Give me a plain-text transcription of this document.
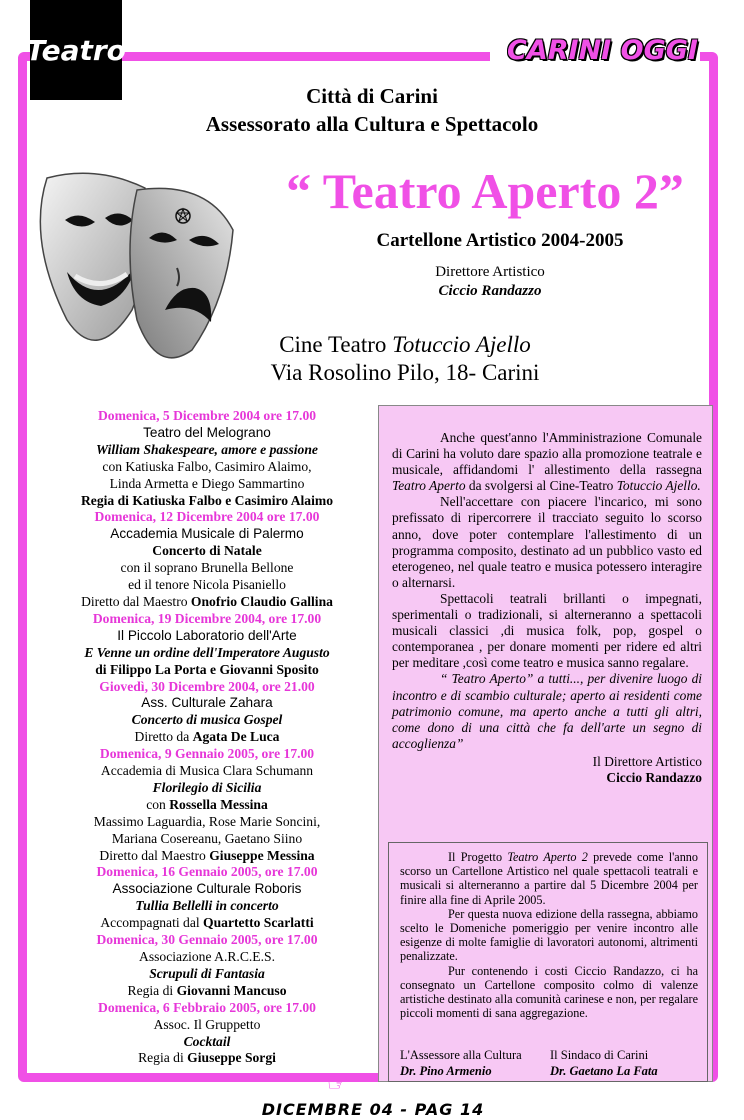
Teatro	CARINI OGGI
Città di Carini
Assessorato alla Cultura e Spettacolo
“ Teatro Aperto 2”
Cartellone Artistico 2004-2005
Direttore Artistico
Ciccio Randazzo
Cine Teatro Totuccio Ajello
Via Rosolino Pilo, 18- Carini
Domenica, 5 Dicembre 2004 ore 17.00
Teatro del Melograno
William Shakespeare, amore e passione
con Katiuska Falbo, Casimiro Alaimo,
Linda Armetta e Diego Sammartino
Regia di Katiuska Falbo e Casimiro Alaimo
Domenica, 12 Dicembre 2004 ore 17.00
Accademia Musicale di Palermo
Concerto di Natale
con il soprano Brunella Bellone
ed il tenore Nicola Pisaniello
Diretto dal Maestro Onofrio Claudio Gallina
Domenica, 19 Dicembre 2004, ore 17.00
Il Piccolo Laboratorio dell'Arte
E Venne un ordine dell'Imperatore Augusto
di Filippo La Porta e Giovanni Sposito
Giovedì, 30 Dicembre 2004, ore 21.00
Ass. Culturale Zahara
Concerto di musica Gospel
Diretto da Agata De Luca
Domenica, 9 Gennaio 2005, ore 17.00
Accademia di Musica Clara Schumann
Florilegio di Sicilia
con Rossella Messina
Massimo Laguardia, Rose Marie Soncini,
Mariana Cosereanu, Gaetano Siino
Diretto dal Maestro Giuseppe Messina
Domenica, 16 Gennaio 2005, ore 17.00
Associazione Culturale Roboris
Tullia Bellelli in concerto
Accompagnati dal Quartetto Scarlatti
Domenica, 30 Gennaio 2005, ore 17.00
Associazione A.R.C.E.S.
Scrupuli di Fantasia
Regia di Giovanni Mancuso
Domenica, 6 Febbraio 2005, ore 17.00
Assoc. Il Gruppetto
Cocktail
Regia di Giuseppe Sorgi

Anche quest'anno l'Amministrazione Comunale di Carini ha voluto dare spazio alla promozione teatrale e musicale, affidandomi l' allestimento della rassegna Teatro Aperto da svolgersi al Cine-Teatro Totuccio Ajello.

Nell'accettare con piacere l'incarico, mi sono prefissato di ripercorrere il tracciato seguito lo scorso anno, dove poter contemplare l'allestimento di un programma composito, destinato ad un pubblico vasto ed eterogeneo, nel quale teatro e musica potessero interagire o alternarsi.

Spettacoli teatrali brillanti o impegnati, sperimentali o tradizionali, si alterneranno a spettacoli musicali classici ,di musica folk, pop, gospel o contemporanea , per donare momenti per ridere ed altri per meditare ,così come teatro e musica sanno regalare.

“ Teatro Aperto” a tutti..., per divenire luogo di incontro e di scambio culturale; aperto ai residenti come patrimonio comune, ma aperto anche a tutti gli altri, come dono di una città che fa dell'arte un segno di accoglienza”

Il Direttore Artistico
Ciccio Randazzo

Il Progetto Teatro Aperto 2 prevede come l'anno scorso un Cartellone Artistico nel quale spettacoli teatrali e musicali si alterneranno a partire dal 5 Dicembre 2004 per finire alla fine di Aprile 2005.

Per questa nuova edizione della rassegna, abbiamo scelto le Domeniche pomeriggio per venire incontro alle esigenze di molte famiglie di lavoratori autonomi, altrimenti penalizzate.

Pur contenendo i costi Ciccio Randazzo, ci ha consegnato un Cartellone composito colmo di valenze artistiche destinato alla comunità carinese e non, per regalare piccoli momenti di sana aggregazione.

L'Assessore alla Cultura	Il Sindaco di Carini
Dr. Pino Armenio	Dr. Gaetano La Fata
☞
DICEMBRE 04 - PAG 14
